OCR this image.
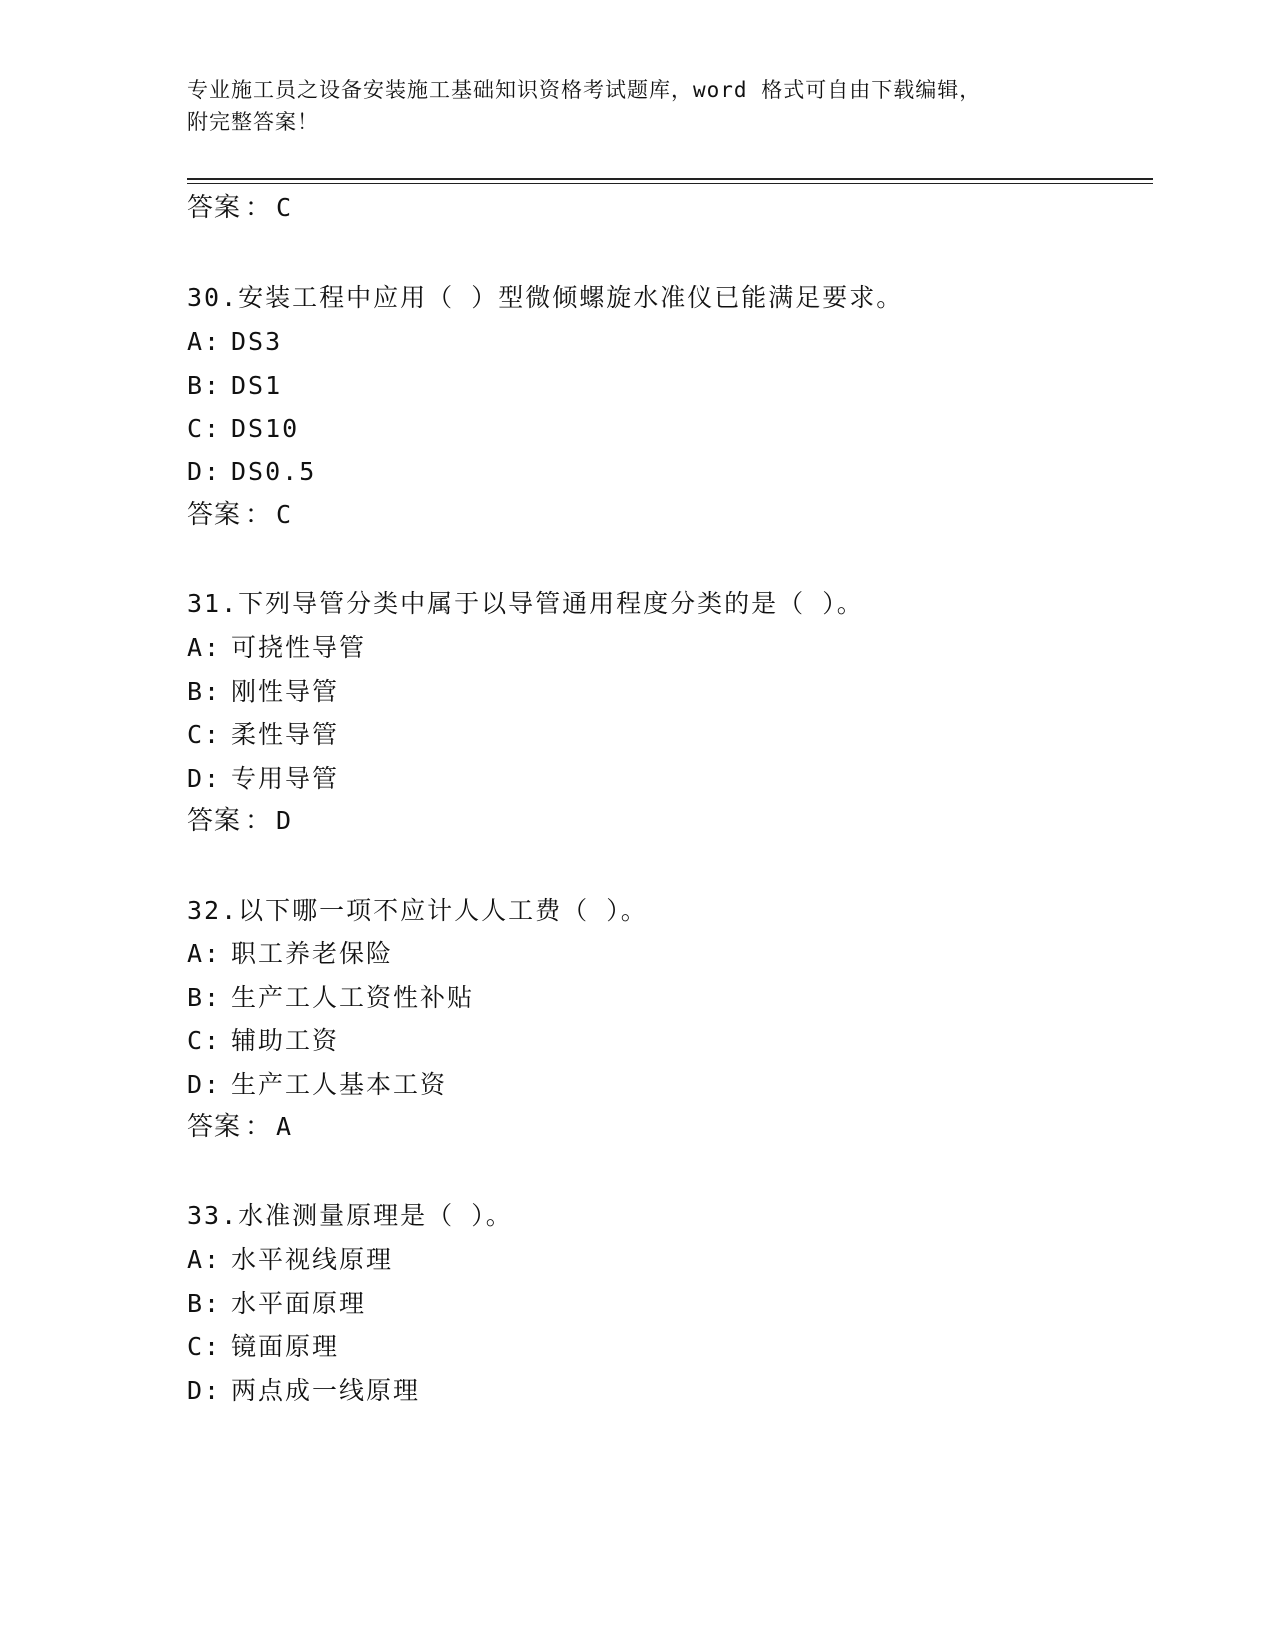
专业施工员之设备安装施工基础知识资格考试题库，word 格式可自由下载编辑，
附完整答案！
答案 ： C
30.安装工程中应用（ ）型微倾螺旋水准仪已能满足要求。
A: DS3
B: DS1
C: DS10
D: DS0.5
答案 ： C
31.下列导管分类中属于以导管通用程度分类的是（ ）。
A: 可挠性导管
B: 刚性导管
C: 柔性导管
D: 专用导管
答案 ： D
32.以下哪一项不应计人人工费（ ）。
A: 职工养老保险
B: 生产工人工资性补贴
C: 辅助工资
D: 生产工人基本工资
答案 ： A
33.水准测量原理是（ ）。
A: 水平视线原理
B: 水平面原理
C: 镜面原理
D: 两点成一线原理
